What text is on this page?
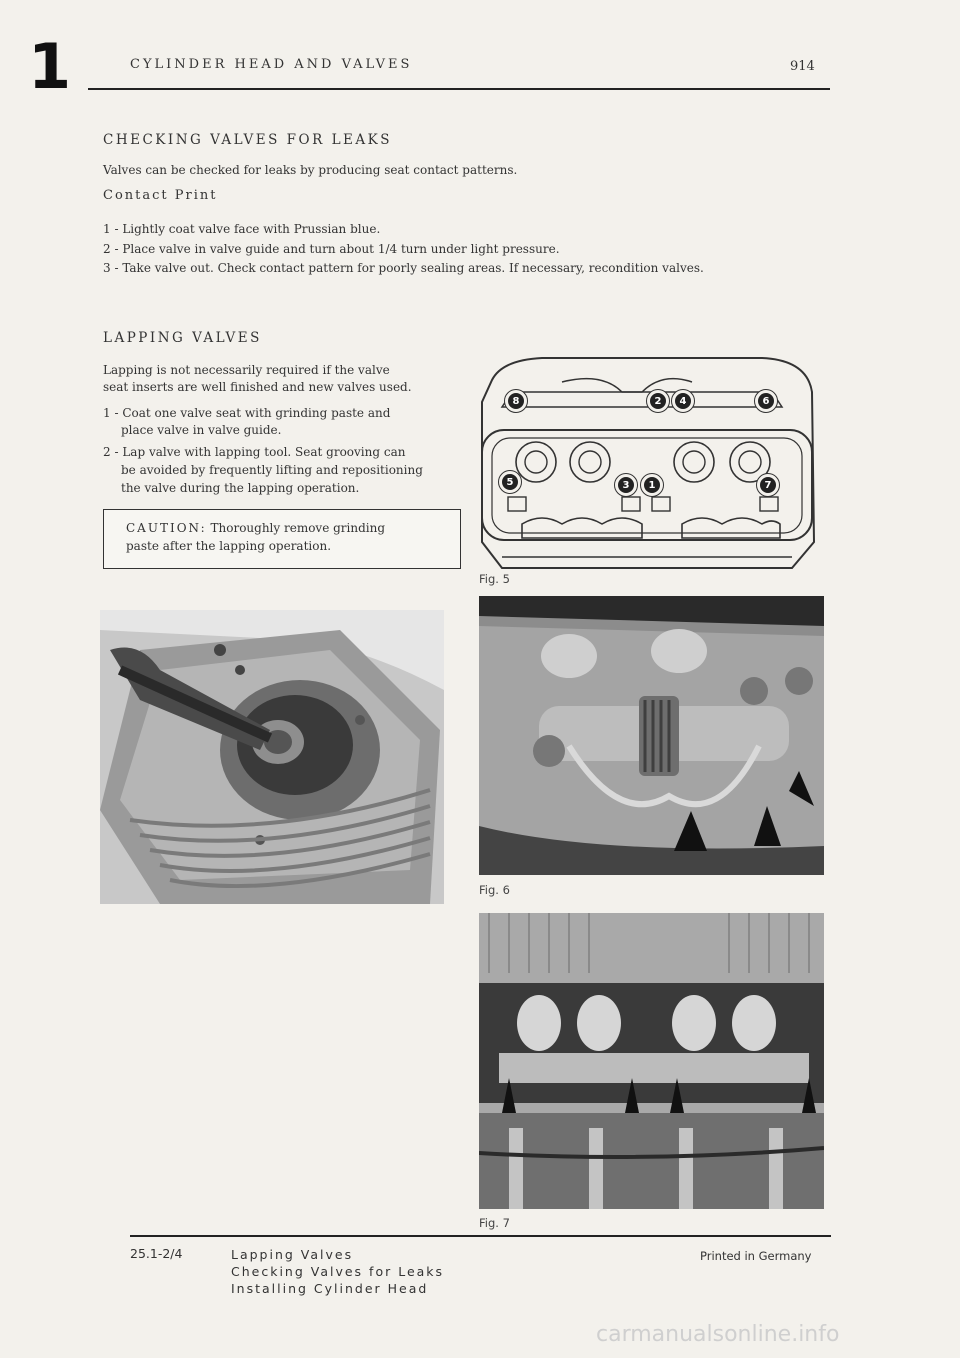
1	CYLINDER HEAD AND VALVES	914
CHECKING VALVES FOR LEAKS
Valves can be checked for leaks by producing seat contact patterns.
Contact Print
1 - Lightly coat valve face with Prussian blue.
2 - Place valve in valve guide and turn about 1/4 turn under light pressure.
3 - Take valve out. Check contact pattern for poorly sealing areas. If necessary, recondition valves.
LAPPING VALVES
Lapping is not necessarily required if the valve
seat inserts are well finished and new valves used.
1 - Coat one valve seat with grinding paste and
place valve in valve guide.
2 - Lap valve with lapping tool. Seat grooving can
be avoided by frequently lifting and repositioning
the valve during the lapping operation.
CAUTION: Thoroughly remove grinding
paste after the lapping operation.
8	2	4	6
5	3	1	7
Fig. 5
Fig. 6
Fig. 7
25.1-2/4	Lapping Valves
Checking Valves for Leaks
Installing Cylinder Head
Printed in Germany
carmanualsonline.info
